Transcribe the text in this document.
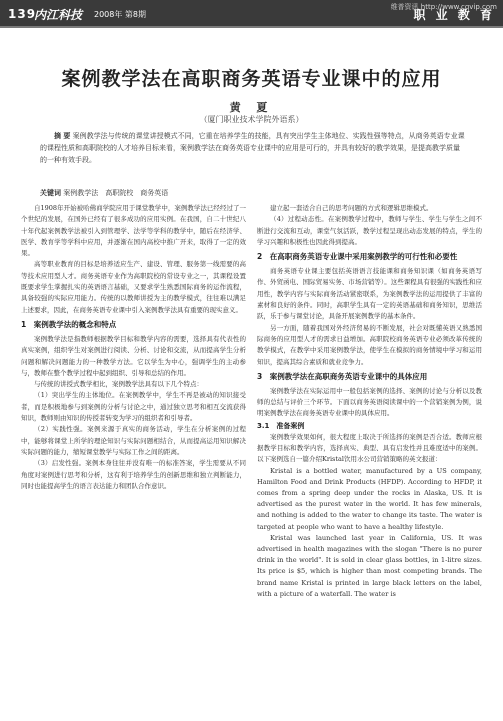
维普资讯 http://www.cqvip.com
139
内江科技 2008年 第8期	职 业 教 育
案例教学法在高职商务英语专业课中的应用
黄 夏
（厦门职业技术学院外语系）
摘 要 案例教学法与传统的课堂讲授模式不同，它重在培养学生的技能，具有突出学生主体地位、实践性强等特点，从商务英语专业课的课程性质和高职院校的人才培养目标来看，案例教学法在商务英语专业课中的应用是可行的，并具有较好的教学效果，是提高教学质量的一种有效手段。
关键词 案例教学法　高职院校　商务英语

自1908年开始被哈佛商学院应用于课堂教学中，案例教学法已经经过了一个世纪的发展，在国外已经有了很多成功的应用实例。在我国，自二十世纪八十年代起案例教学法被引入到管理学、法学等学科的教学中，随后在经济学、医学、教育学等学科中应用，并逐渐在国内高校中推广开来，取得了一定的效果。

高等职业教育的目标是培养适应生产、建设、管理、服务第一线需要的高等技术应用型人才。商务英语专业作为高职院校的常设专业之一，其课程设置既要求学生掌握扎实的英语语言基础，又要求学生熟悉国际商务的运作流程，具备较强的实际应用能力。传统的以教师讲授为主的教学模式，往往难以满足上述要求，因此，在商务英语专业课中引入案例教学法具有重要的现实意义。

1　案例教学法的概念和特点

案例教学法是指教师根据教学目标和教学内容的需要，选择具有代表性的真实案例，组织学生对案例进行阅读、分析、讨论和交流，从而提高学生分析问题和解决问题能力的一种教学方法。它以学生为中心，强调学生的主动参与，教师在整个教学过程中起到组织、引导和总结的作用。

与传统的讲授式教学相比，案例教学法具有以下几个特点：

（1）突出学生的主体地位。在案例教学中，学生不再是被动的知识接受者，而是积极地参与到案例的分析与讨论之中，通过独立思考和相互交流获得知识，教师则由知识的传授者转变为学习的组织者和引导者。

（2）实践性强。案例来源于真实的商务活动，学生在分析案例的过程中，能够将课堂上所学的理论知识与实际问题相结合，从而提高运用知识解决实际问题的能力，缩短课堂教学与实际工作之间的距离。

（3）启发性强。案例本身往往并没有唯一的标准答案，学生需要从不同角度对案例进行思考和分析，这有利于培养学生的创新思维和独立判断能力，同时也能提高学生的语言表达能力和团队合作意识。

建立起一套适合自己的思考问题的方式和逻辑思维模式。

（4）过程动态性。在案例教学过程中，教师与学生、学生与学生之间不断进行交流和互动，课堂气氛活跃，教学过程呈现出动态发展的特点，学生的学习兴趣和积极性也因此得到提高。

2　在高职商务英语专业课中采用案例教学的可行性和必要性

商务英语专业课主要包括英语语言技能课和商务知识课（如商务英语写作、外贸函电、国际贸易实务、市场营销等）。这些课程具有很强的实践性和应用性，教学内容与实际商务活动紧密联系，为案例教学法的运用提供了丰富的素材和良好的条件。同时，高职学生具有一定的英语基础和商务知识，思维活跃，乐于参与课堂讨论，具备开展案例教学的基本条件。

另一方面，随着我国对外经济贸易的不断发展，社会对既懂英语又熟悉国际商务的应用型人才的需求日益增加。高职院校商务英语专业必须改革传统的教学模式，在教学中采用案例教学法，使学生在模拟的商务情境中学习和运用知识，提高其综合素质和就业竞争力。

3　案例教学法在高职商务英语专业课中的具体应用

案例教学法在实际运用中一般包括案例的选择、案例的讨论与分析以及教师的总结与评价三个环节。下面以商务英语阅读课中的一个营销案例为例，说明案例教学法在商务英语专业课中的具体应用。

3.1　准备案例

案例教学效果如何，很大程度上取决于所选择的案例是否合适。教师应根据教学目标和教学内容，选择真实、典型、具有启发性并且难度适中的案例。以下案例选自一篇介绍Kristal饮用水公司营销策略的英文报道：

Kristal is a bottled water, manufactured by a US company, Hamilton Food and Drink Products (HFDP). According to HFDP, it comes from a spring deep under the rocks in Alaska, US. It is advertised as the purest water in the world. It has few minerals, and nothing is added to the water to change its taste. The water is targeted at people who want to have a healthy lifestyle.

Kristal was launched last year in California, US. It was advertised in health magazines with the slogan "There is no purer drink in the world". It is sold in clear glass bottles, in 1-litre sizes. Its price is $5, which is higher than most competing brands. The brand name Kristal is printed in large black letters on the label, with a picture of a waterfall. The water is
